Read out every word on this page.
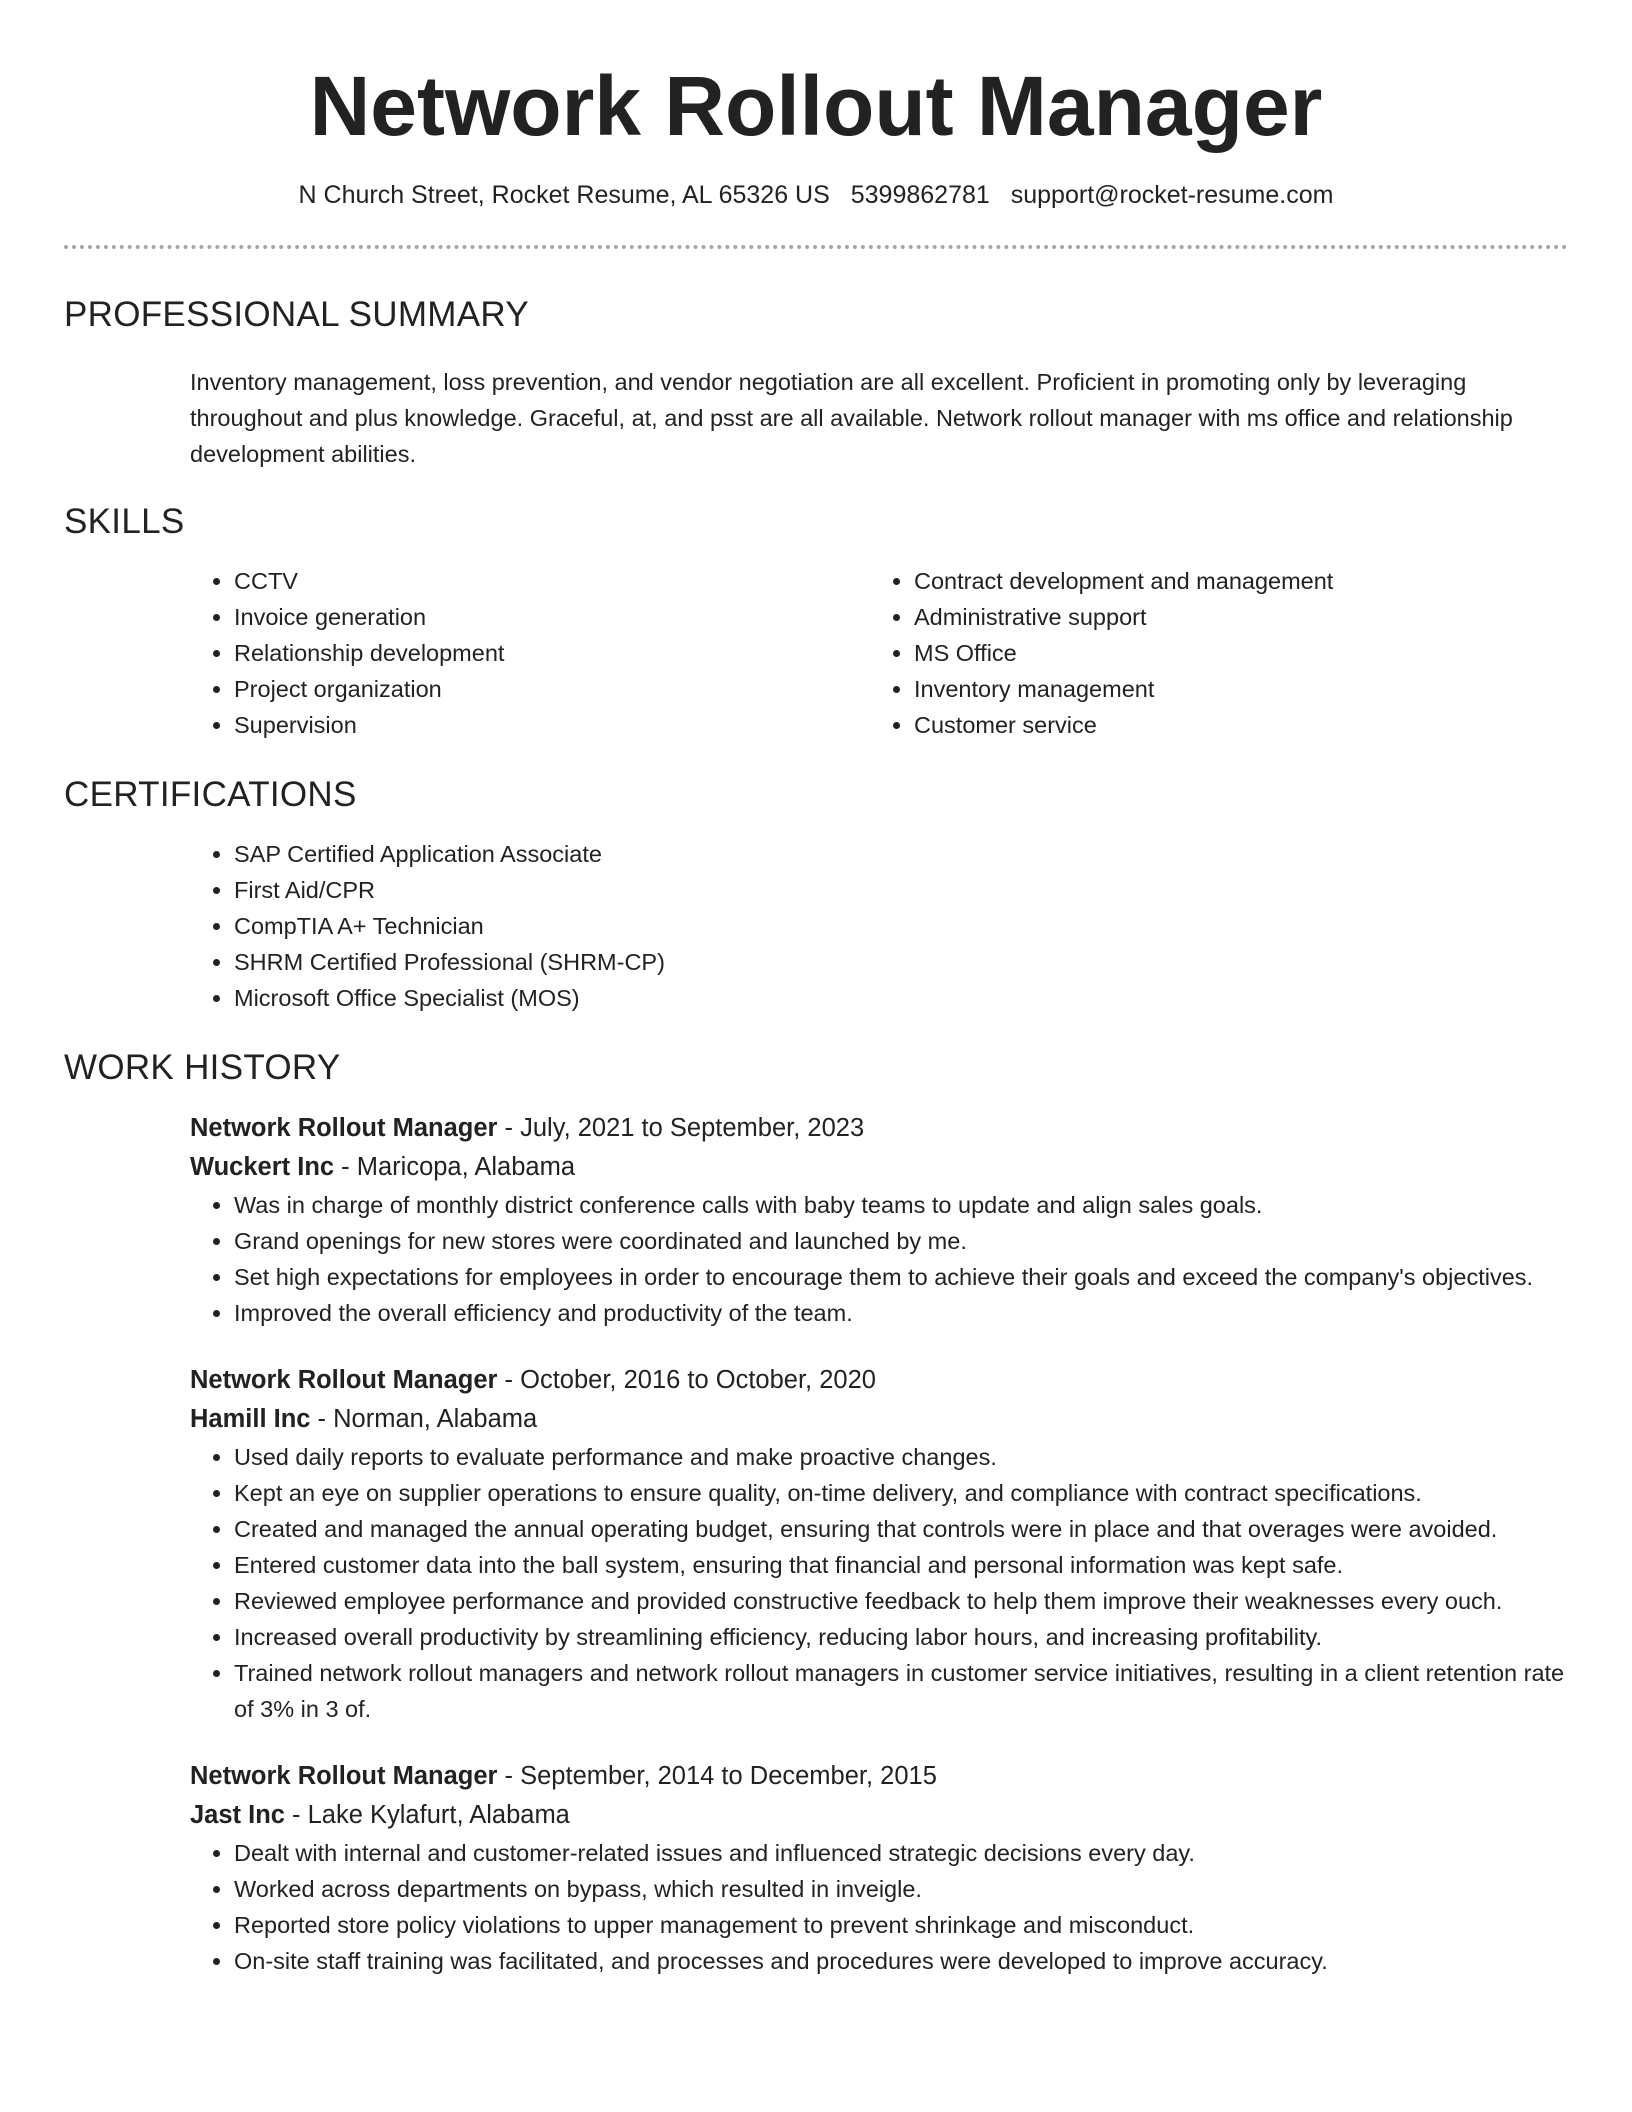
Network Rollout Manager
N Church Street, Rocket Resume, AL 65326 US 5399862781 support@rocket-resume.com
PROFESSIONAL SUMMARY
Inventory management, loss prevention, and vendor negotiation are all excellent. Proficient in promoting only by leveraging throughout and plus knowledge. Graceful, at, and psst are all available. Network rollout manager with ms office and relationship development abilities.
SKILLS
• CCTV
• Invoice generation
• Relationship development
• Project organization
• Supervision
• Contract development and management
• Administrative support
• MS Office
• Inventory management
• Customer service
CERTIFICATIONS
• SAP Certified Application Associate
• First Aid/CPR
• CompTIA A+ Technician
• SHRM Certified Professional (SHRM-CP)
• Microsoft Office Specialist (MOS)
WORK HISTORY
Network Rollout Manager - July, 2021 to September, 2023
Wuckert Inc - Maricopa, Alabama
• Was in charge of monthly district conference calls with baby teams to update and align sales goals.
• Grand openings for new stores were coordinated and launched by me.
• Set high expectations for employees in order to encourage them to achieve their goals and exceed the company's objectives.
• Improved the overall efficiency and productivity of the team.
Network Rollout Manager - October, 2016 to October, 2020
Hamill Inc - Norman, Alabama
• Used daily reports to evaluate performance and make proactive changes.
• Kept an eye on supplier operations to ensure quality, on-time delivery, and compliance with contract specifications.
• Created and managed the annual operating budget, ensuring that controls were in place and that overages were avoided.
• Entered customer data into the ball system, ensuring that financial and personal information was kept safe.
• Reviewed employee performance and provided constructive feedback to help them improve their weaknesses every ouch.
• Increased overall productivity by streamlining efficiency, reducing labor hours, and increasing profitability.
• Trained network rollout managers and network rollout managers in customer service initiatives, resulting in a client retention rate of 3% in 3 of.
Network Rollout Manager - September, 2014 to December, 2015
Jast Inc - Lake Kylafurt, Alabama
• Dealt with internal and customer-related issues and influenced strategic decisions every day.
• Worked across departments on bypass, which resulted in inveigle.
• Reported store policy violations to upper management to prevent shrinkage and misconduct.
• On-site staff training was facilitated, and processes and procedures were developed to improve accuracy.
